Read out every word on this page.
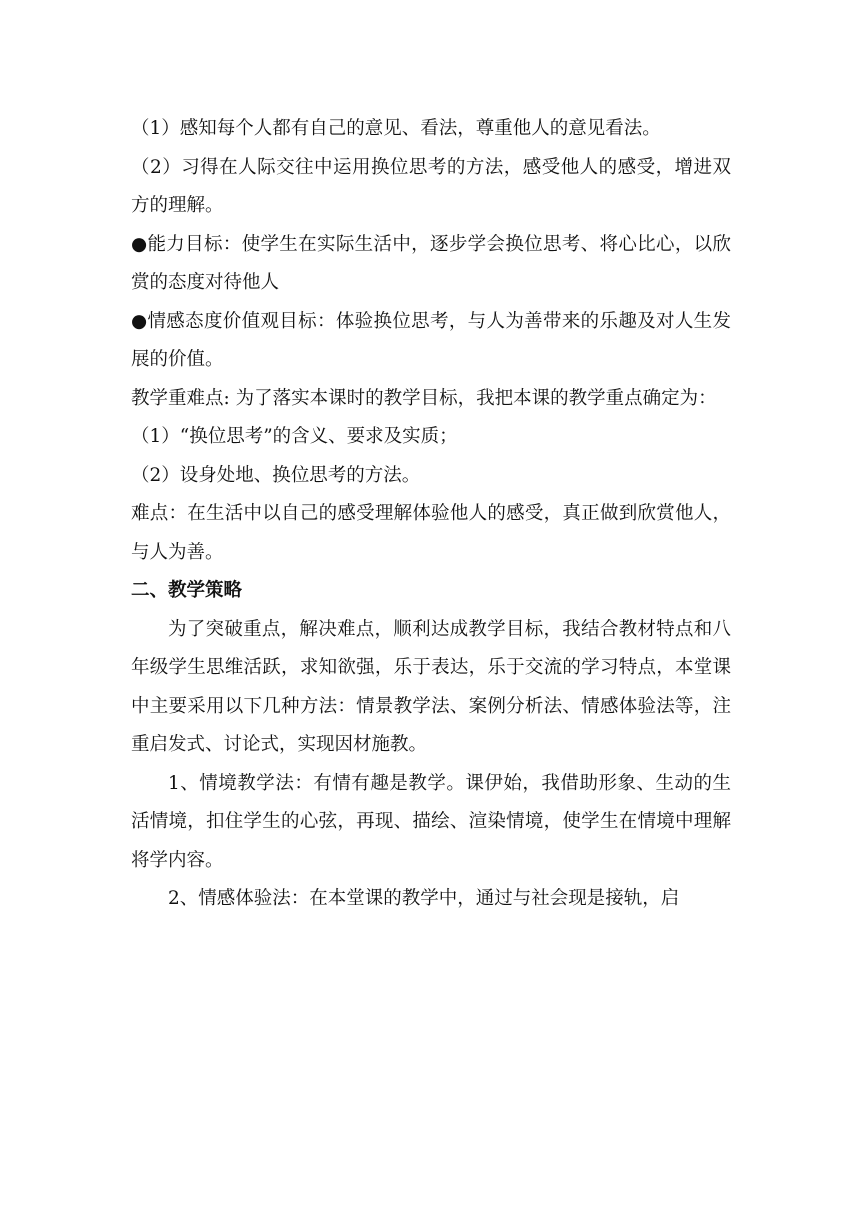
（1）感知每个人都有自己的意见、看法，尊重他人的意见看法。

（2）习得在人际交往中运用换位思考的方法，感受他人的感受，增进双方的理解。

●能力目标：使学生在实际生活中，逐步学会换位思考、将心比心，以欣赏的态度对待他人

●情感态度价值观目标：体验换位思考，与人为善带来的乐趣及对人生发展的价值。

教学重难点: 为了落实本课时的教学目标，我把本课的教学重点确定为：

（1）“换位思考”的含义、要求及实质；

（2）设身处地、换位思考的方法。

难点：在生活中以自己的感受理解体验他人的感受，真正做到欣赏他人，与人为善。

二、教学策略

为了突破重点，解决难点，顺利达成教学目标，我结合教材特点和八年级学生思维活跃，求知欲强，乐于表达，乐于交流的学习特点，本堂课中主要采用以下几种方法：情景教学法、案例分析法、情感体验法等，注重启发式、讨论式，实现因材施教。

1、情境教学法：有情有趣是教学。课伊始，我借助形象、生动的生活情境，扣住学生的心弦，再现、描绘、渲染情境，使学生在情境中理解将学内容。

2、情感体验法：在本堂课的教学中，通过与社会现是接轨，启
